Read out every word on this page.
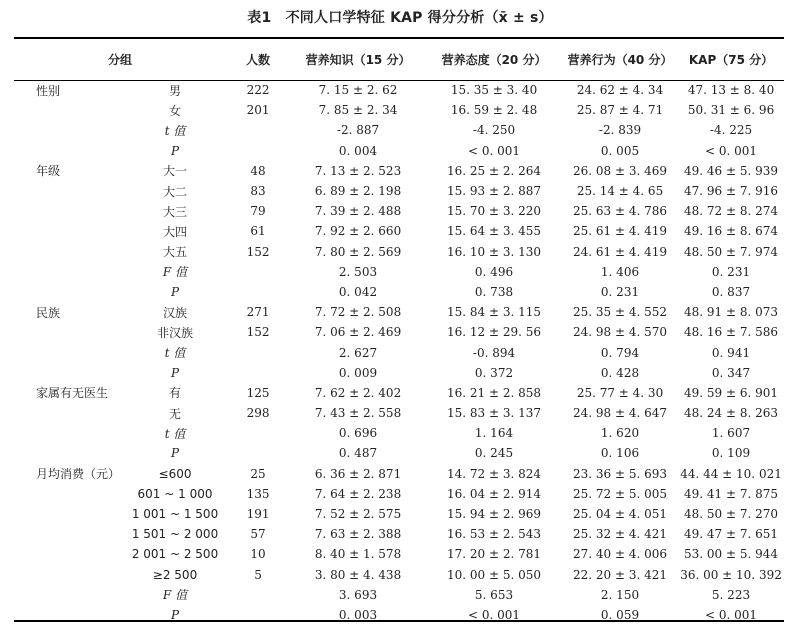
表1　不同人口学特征 KAP 得分分析（x̄ ± s）
分组		人数	营养知识（15 分）	营养态度（20 分）	营养行为（40 分）	KAP（75 分）
性别	男	222	7. 15 ± 2. 62	15. 35 ± 3. 40	24. 62 ± 4. 34	47. 13 ± 8. 40
	女	201	7. 85 ± 2. 34	16. 59 ± 2. 48	25. 87 ± 4. 71	50. 31 ± 6. 96
	t 值		-2. 887	-4. 250	-2. 839	-4. 225
	P		0. 004	< 0. 001	0. 005	< 0. 001
年级	大一	48	7. 13 ± 2. 523	16. 25 ± 2. 264	26. 08 ± 3. 469	49. 46 ± 5. 939
	大二	83	6. 89 ± 2. 198	15. 93 ± 2. 887	25. 14 ± 4. 65	47. 96 ± 7. 916
	大三	79	7. 39 ± 2. 488	15. 70 ± 3. 220	25. 63 ± 4. 786	48. 72 ± 8. 274
	大四	61	7. 92 ± 2. 660	15. 64 ± 3. 455	25. 61 ± 4. 419	49. 16 ± 8. 674
	大五	152	7. 80 ± 2. 569	16. 10 ± 3. 130	24. 61 ± 4. 419	48. 50 ± 7. 974
	F 值		2. 503	0. 496	1. 406	0. 231
	P		0. 042	0. 738	0. 231	0. 837
民族	汉族	271	7. 72 ± 2. 508	15. 84 ± 3. 115	25. 35 ± 4. 552	48. 91 ± 8. 073
	非汉族	152	7. 06 ± 2. 469	16. 12 ± 29. 56	24. 98 ± 4. 570	48. 16 ± 7. 586
	t 值		2. 627	-0. 894	0. 794	0. 941
	P		0. 009	0. 372	0. 428	0. 347
家属有无医生	有	125	7. 62 ± 2. 402	16. 21 ± 2. 858	25. 77 ± 4. 30	49. 59 ± 6. 901
	无	298	7. 43 ± 2. 558	15. 83 ± 3. 137	24. 98 ± 4. 647	48. 24 ± 8. 263
	t 值		0. 696	1. 164	1. 620	1. 607
	P		0. 487	0. 245	0. 106	0. 109
月均消费（元）	≤600	25	6. 36 ± 2. 871	14. 72 ± 3. 824	23. 36 ± 5. 693	44. 44 ± 10. 021
	601 ~ 1 000	135	7. 64 ± 2. 238	16. 04 ± 2. 914	25. 72 ± 5. 005	49. 41 ± 7. 875
	1 001 ~ 1 500	191	7. 52 ± 2. 575	15. 94 ± 2. 969	25. 04 ± 4. 051	48. 50 ± 7. 270
	1 501 ~ 2 000	57	7. 63 ± 2. 388	16. 53 ± 2. 543	25. 32 ± 4. 421	49. 47 ± 7. 651
	2 001 ~ 2 500	10	8. 40 ± 1. 578	17. 20 ± 2. 781	27. 40 ± 4. 006	53. 00 ± 5. 944
	≥2 500	5	3. 80 ± 4. 438	10. 00 ± 5. 050	22. 20 ± 3. 421	36. 00 ± 10. 392
	F 值		3. 693	5. 653	2. 150	5. 223
	P		0. 003	< 0. 001	0. 059	< 0. 001
